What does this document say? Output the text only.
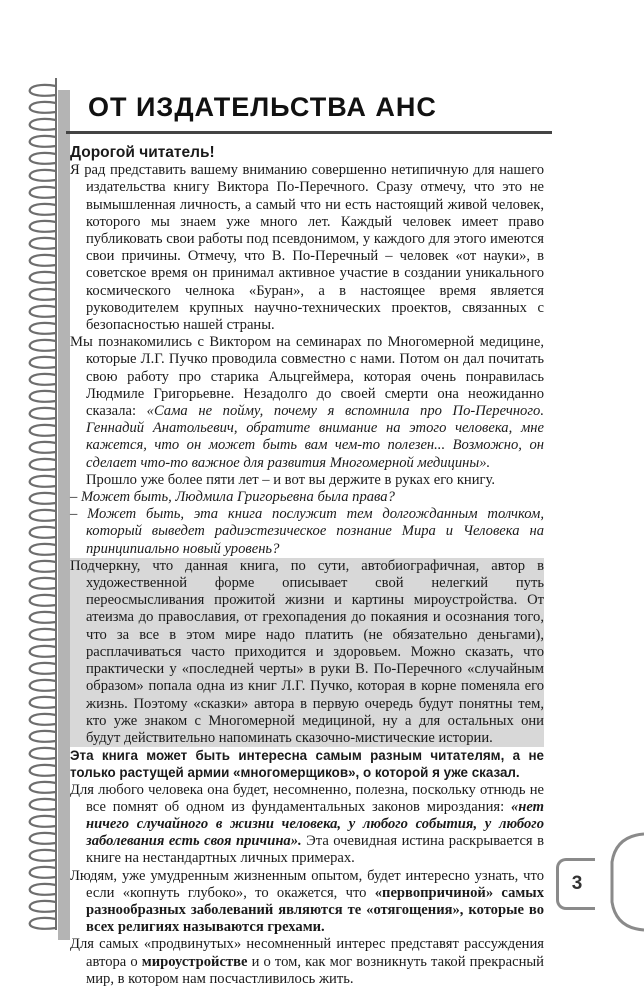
ОТ ИЗДАТЕЛЬСТВА АНС
Дорогой читатель!

Я рад представить вашему вниманию совершенно нетипичную для нашего издательства книгу Виктора По-Перечного. Сразу отмечу, что это не вымышленная личность, а самый что ни есть настоящий живой человек, которого мы знаем уже много лет. Каждый человек имеет право публиковать свои работы под псевдонимом, у каждого для этого имеются свои причины. Отмечу, что В. По-Перечный – человек «от науки», в советское время он принимал активное участие в создании уникального космического челнока «Буран», а в настоящее время является руководителем крупных научно-технических проектов, связанных с безопасностью нашей страны.

Мы познакомились с Виктором на семинарах по Многомерной медицине, которые Л.Г. Пучко проводила совместно с нами. Потом он дал почитать свою работу про старика Альцгеймера, которая очень понравилась Людмиле Григорьевне. Незадолго до своей смерти она неожиданно сказала: «Сама не пойму, почему я вспомнила про По-Перечного. Геннадий Анатольевич, обратите внимание на этого человека, мне кажется, что он может быть вам чем-то полезен... Возможно, он сделает что-то важное для развития Многомерной медицины».

Прошло уже более пяти лет – и вот вы держите в руках его книгу.

– Может быть, Людмила Григорьевна была права?

– Может быть, эта книга послужит тем долгожданным толчком, который выведет радиэстезическое познание Мира и Человека на принципиально новый уровень?

Подчеркну, что данная книга, по сути, автобиографичная, автор в художественной форме описывает свой нелегкий путь переосмысливания прожитой жизни и картины мироустройства. От атеизма до православия, от грехопадения до покаяния и осознания того, что за все в этом мире надо платить (не обязательно деньгами), расплачиваться часто приходится и здоровьем. Можно сказать, что практически у «последней черты» в руки В. По-Перечного «случайным образом» попала одна из книг Л.Г. Пучко, которая в корне поменяла его жизнь. Поэтому «сказки» автора в первую очередь будут понятны тем, кто уже знаком с Многомерной медициной, ну а для остальных они будут действительно напоминать сказочно-мистические истории.

Эта книга может быть интересна самым разным читателям, а не только растущей армии «многомерщиков», о которой я уже сказал.

Для любого человека она будет, несомненно, полезна, поскольку отнюдь не все помнят об одном из фундаментальных законов мироздания: «нет ничего случайного в жизни человека, у любого события, у любого заболевания есть своя причина». Эта очевидная истина раскрывается в книге на нестандартных личных примерах.

Людям, уже умудренным жизненным опытом, будет интересно узнать, что если «копнуть глубоко», то окажется, что «первопричиной» самых разнообразных заболеваний являются те «отягощения», которые во всех религиях называются грехами.

Для самых «продвинутых» несомненный интерес представят рассуждения автора о мироустройстве и о том, как мог возникнуть такой прекрасный мир, в котором нам посчастливилось жить.

3
